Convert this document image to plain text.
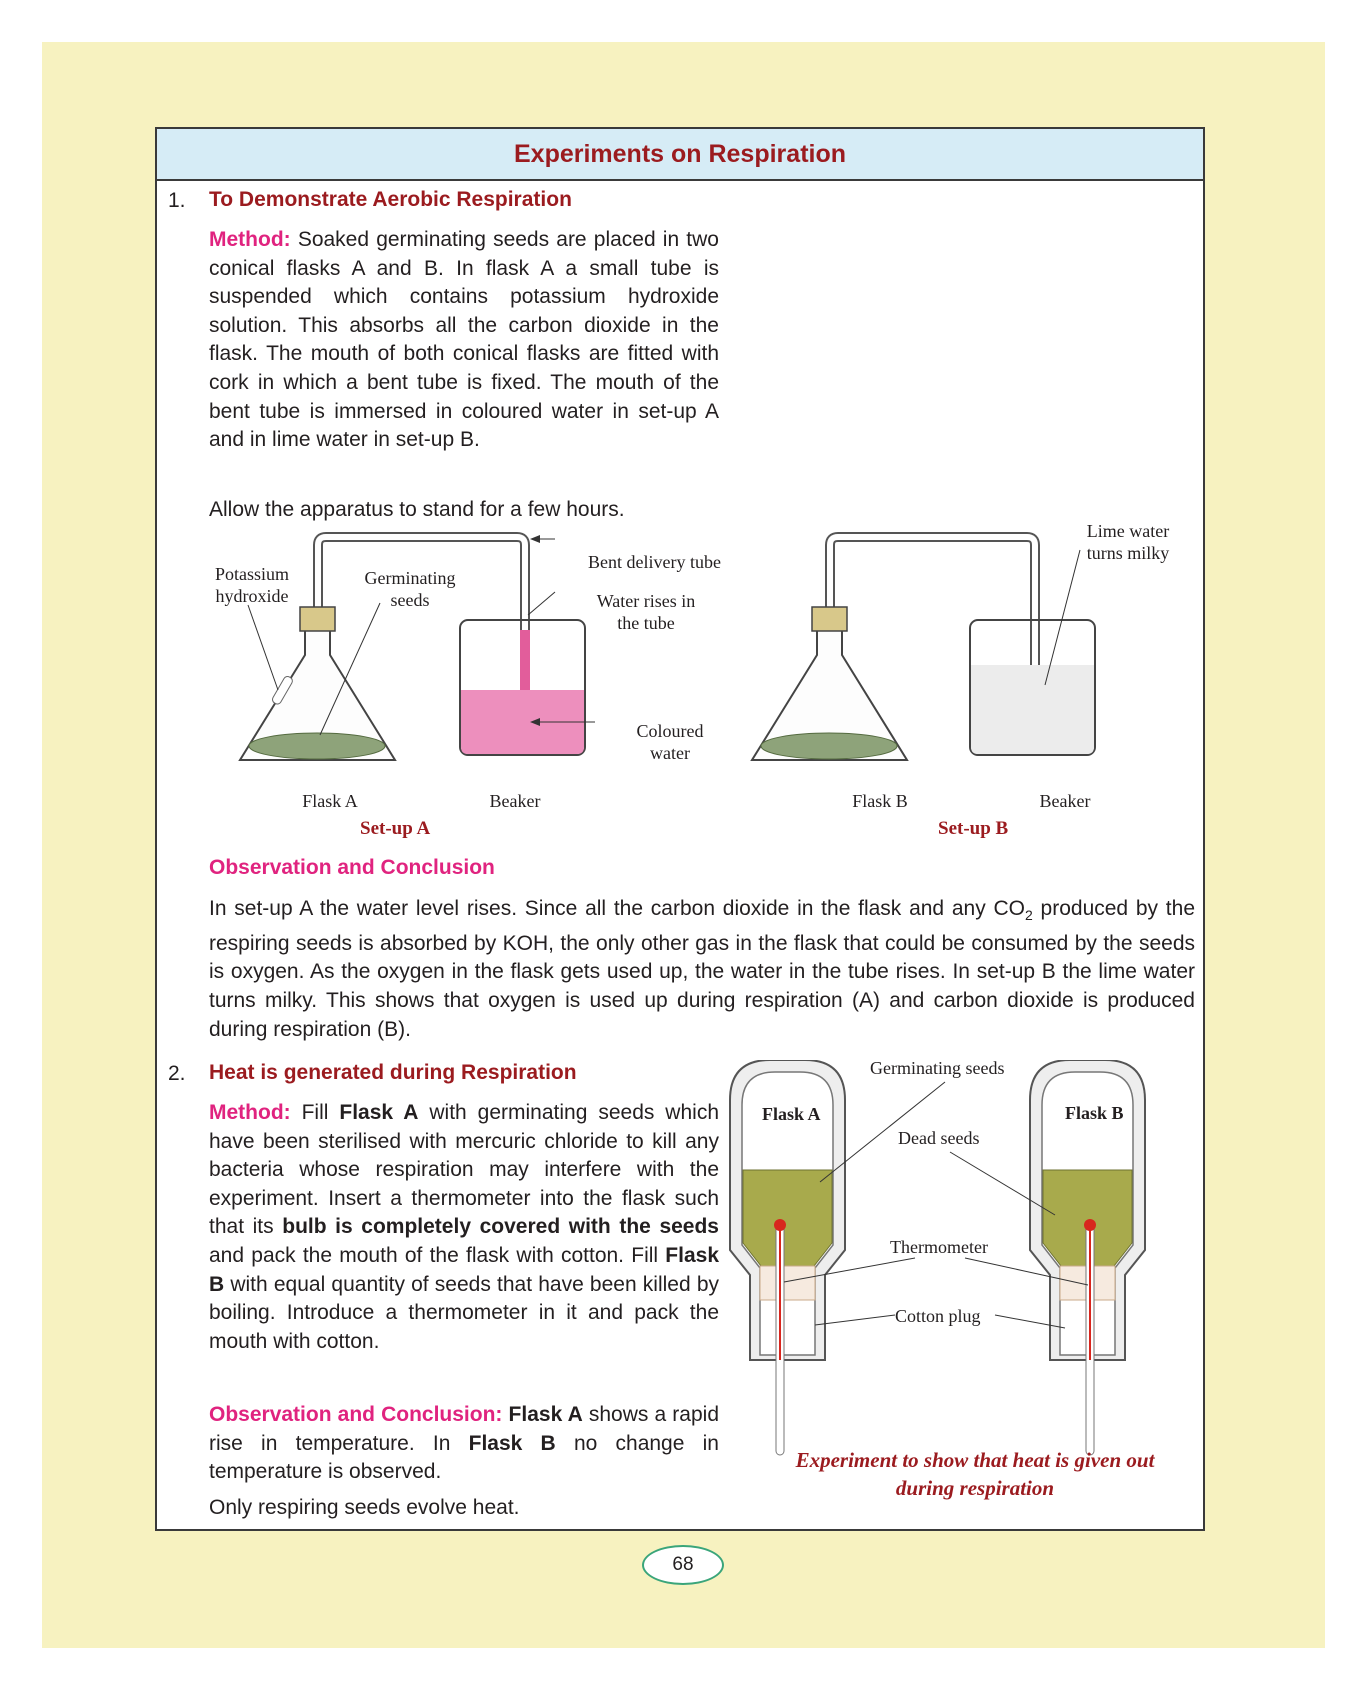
Experiments on Respiration
1. To Demonstrate Aerobic Respiration
Method: Soaked germinating seeds are placed in two conical flasks A and B. In flask A a small tube is suspended which contains potassium hydroxide solution. This absorbs all the carbon dioxide in the flask. The mouth of both conical flasks are fitted with cork in which a bent tube is fixed. The mouth of the bent tube is immersed in coloured water in set-up A and in lime water in set-up B.
Allow the apparatus to stand for a few hours.
Potassium
hydroxide
Germinating
seeds
Bent delivery tube
Water rises in
the tube
Coloured
water
Flask A	Beaker
Set-up A
Lime water
turns milky
Flask B	Beaker
Set-up B
Observation and Conclusion
In set-up A the water level rises. Since all the carbon dioxide in the flask and any $CO_2$ produced by the respiring seeds is absorbed by KOH, the only other gas in the flask that could be consumed by the seeds is oxygen. As the oxygen in the flask gets used up, the water in the tube rises. In set-up B the lime water turns milky. This shows that oxygen is used up during respiration (A) and carbon dioxide is produced during respiration (B).
2. Heat is generated during Respiration
Method: Fill Flask A with germinating seeds which have been sterilised with mercuric chloride to kill any bacteria whose respiration may interfere with the experiment. Insert a thermometer into the flask such that its bulb is completely covered with the seeds and pack the mouth of the flask with cotton. Fill Flask B with equal quantity of seeds that have been killed by boiling. Introduce a thermometer in it and pack the mouth with cotton.
Observation and Conclusion: Flask A shows a rapid rise in temperature. In Flask B no change in temperature is observed.
Only respiring seeds evolve heat.
Flask A	Flask B
Germinating seeds
Dead seeds
Thermometer
Cotton plug
Experiment to show that heat is given out
during respiration
68
